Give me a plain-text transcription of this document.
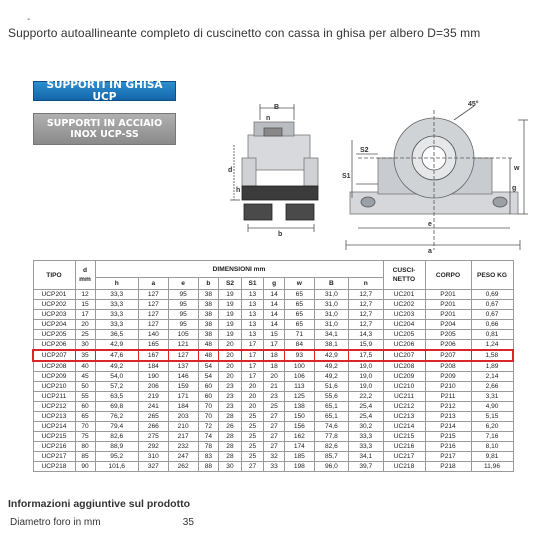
-
Supporto autoallineante completo di cuscinetto con cassa in ghisa per albero D=35 mm
SUPPORTI IN GHISA UCP
SUPPORTI IN ACCIAIO
INOX UCP-SS
B
n
d
h
b
45°
S2
S1
g
w
e
a
TIPO	d
mm	DIMENSIONI mm										CUSCI-
NETTO	CORPO	PESO KG
		h	a	e	b	S2	S1	g	w	B	n			
UCP201	12	33,3	127	95	38	19	13	14	65	31,0	12,7	UC201	P201	0,69
UCP202	15	33,3	127	95	38	19	13	14	65	31,0	12,7	UC202	P201	0,67
UCP203	17	33,3	127	95	38	19	13	14	65	31,0	12,7	UC203	P201	0,67
UCP204	20	33,3	127	95	38	19	13	14	65	31,0	12,7	UC204	P204	0,66
UCP205	25	36,5	140	105	38	19	13	15	71	34,1	14,3	UC205	P205	0,81
UCP206	30	42,9	165	121	48	20	17	17	84	38,1	15,9	UC206	P206	1,24
UCP207	35	47,6	167	127	48	20	17	18	93	42,9	17,5	UC207	P207	1,58
UCP208	40	49,2	184	137	54	20	17	18	100	49,2	19,0	UC208	P208	1,89
UCP209	45	54,0	190	146	54	20	17	20	106	49,2	19,0	UC209	P209	2,14
UCP210	50	57,2	206	159	60	23	20	21	113	51,6	19,0	UC210	P210	2,66
UCP211	55	63,5	219	171	60	23	20	23	125	55,6	22,2	UC211	P211	3,31
UCP212	60	69,8	241	184	70	23	20	25	138	65,1	25,4	UC212	P212	4,90
UCP213	65	76,2	265	203	70	28	25	27	150	65,1	25,4	UC213	P213	5,15
UCP214	70	79,4	266	210	72	26	25	27	156	74,6	30,2	UC214	P214	6,20
UCP215	75	82,6	275	217	74	28	25	27	162	77,8	33,3	UC215	P215	7,16
UCP216	80	88,9	292	232	78	28	25	27	174	82,6	33,3	UC216	P216	8,10
UCP217	85	95,2	310	247	83	28	25	32	185	85,7	34,1	UC217	P217	9,81
UCP218	90	101,6	327	262	88	30	27	33	198	96,0	39,7	UC218	P218	11,96
Informazioni aggiuntive sul prodotto
Diametro foro in mm	35
